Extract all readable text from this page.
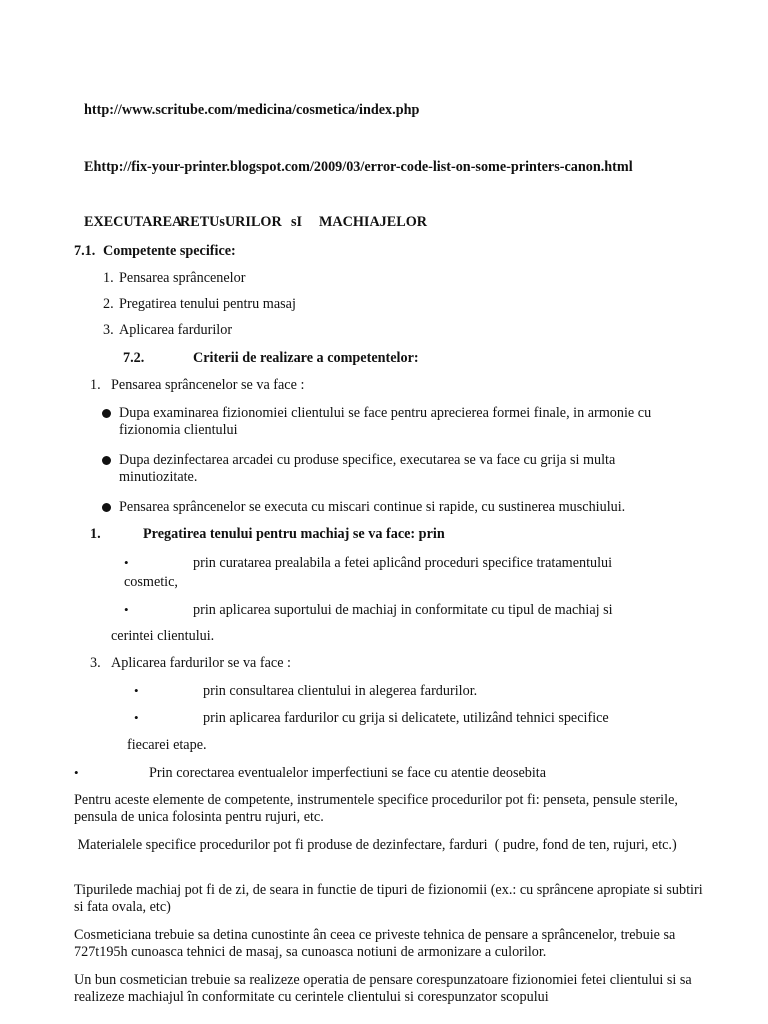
http://www.scritube.com/medicina/cosmetica/index.php
Ehttp://fix-your-printer.blogspot.com/2009/03/error-code-list-on-some-printers-canon.html
EXECUTAREA
RETUsURILOR sI MACHIAJELOR
7.1. Competente specifice:
1. Pensarea sprâncenelor
2. Pregatirea tenului pentru masaj
3. Aplicarea fardurilor
7.2.	Criterii de realizare a competentelor:
1. Pensarea sprâncenelor se va face :
Dupa examinarea fizionomiei clientului se face pentru aprecierea formei finale, in armonie cu fizionomia clientului
Dupa dezinfectarea arcadei cu produse specifice, executarea se va face cu grija si multa minutiozitate.
Pensarea sprâncenelor se executa cu miscari continue si rapide, cu sustinerea muschiului.
1.	Pregatirea tenului pentru machiaj se va face: prin
•	prin curatarea prealabila a fetei aplicând proceduri specifice tratamentului
cosmetic,
•	prin aplicarea suportului de machiaj in conformitate cu tipul de machiaj si
cerintei clientului.
3. Aplicarea fardurilor se va face :
•	prin consultarea clientului in alegerea fardurilor.
•	prin aplicarea fardurilor cu grija si delicatete, utilizând tehnici specifice
fiecarei etape.
•	Prin corectarea eventualelor imperfectiuni se face cu atentie deosebita
Pentru aceste elemente de competente, instrumentele specifice procedurilor pot fi: penseta, pensule sterile, pensula de unica folosinta pentru rujuri, etc.
Materialele specifice procedurilor pot fi produse de dezinfectare, farduri  ( pudre, fond de ten, rujuri, etc.)
Tipurilede machiaj pot fi de zi, de seara in functie de tipuri de fizionomii (ex.: cu sprâncene apropiate si subtiri si fata ovala, etc)
Cosmeticiana trebuie sa detina cunostinte ân ceea ce priveste tehnica de pensare a sprâncenelor, trebuie sa 727t195h cunoasca tehnici de masaj, sa cunoasca notiuni de armonizare a culorilor.
Un bun cosmetician trebuie sa realizeze operatia de pensare corespunzatoare fizionomiei fetei clientului si sa realizeze machiajul în conformitate cu cerintele clientului si corespunzator scopului
